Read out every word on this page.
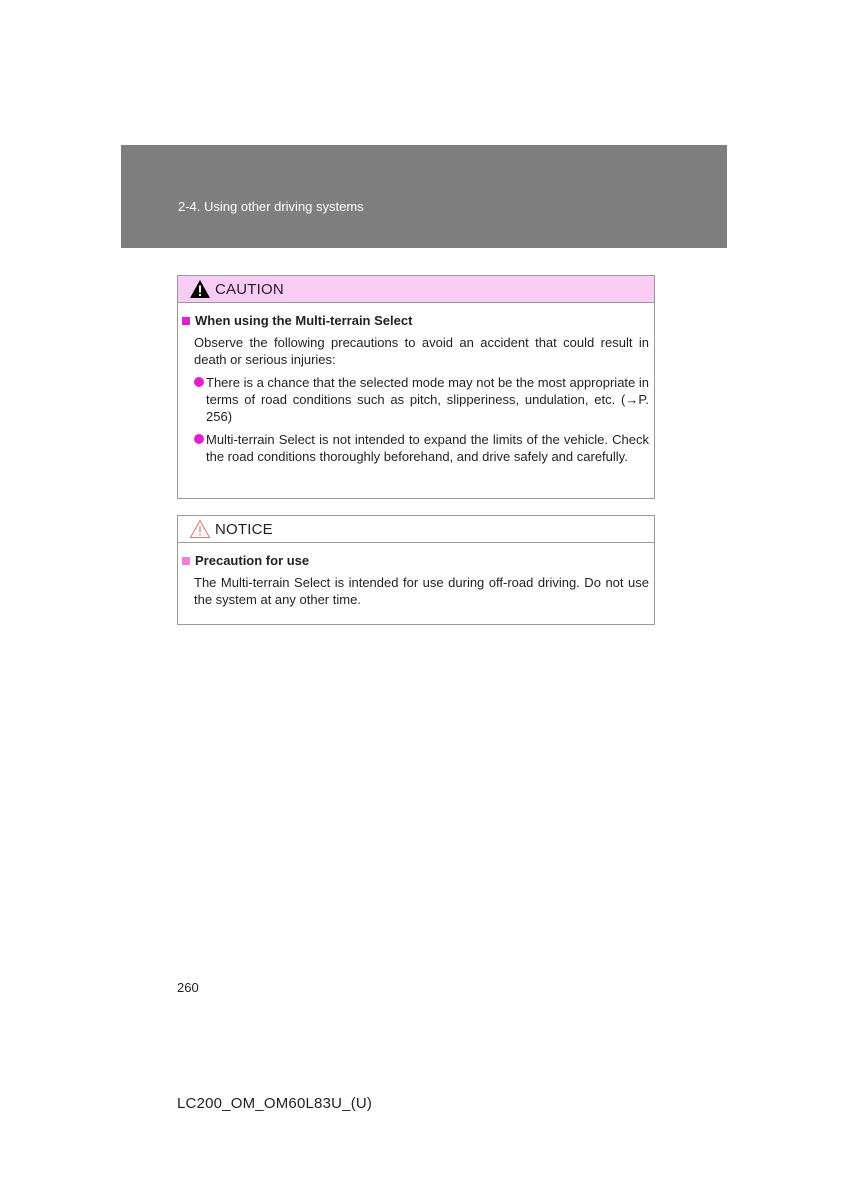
2-4. Using other driving systems
CAUTION
When using the Multi-terrain Select
Observe the following precautions to avoid an accident that could result in death or serious injuries:
There is a chance that the selected mode may not be the most appropriate in terms of road conditions such as pitch, slipperiness, undulation, etc. (→P. 256)
Multi-terrain Select is not intended to expand the limits of the vehicle. Check the road conditions thoroughly beforehand, and drive safely and carefully.
NOTICE
Precaution for use
The Multi-terrain Select is intended for use during off-road driving. Do not use the system at any other time.
260
LC200_OM_OM60L83U_(U)
